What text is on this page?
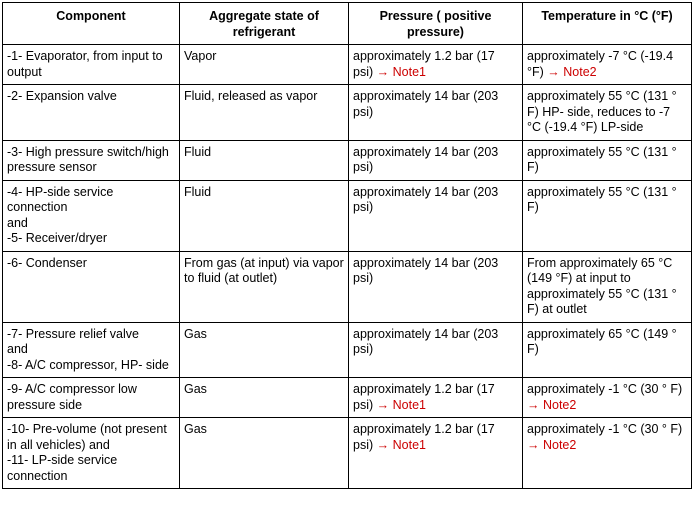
Component	Aggregate state of refrigerant	Pressure ( positive pressure)	Temperature in °C (°F)
-1- Evaporator, from input to output	Vapor	approximately 1.2 bar (17 psi) → Note1	approximately -7 °C (-19.4 °F) → Note2
-2- Expansion valve	Fluid, released as vapor	approximately 14 bar (203 psi)	approximately 55 °C (131 ° F) HP- side, reduces to -7 °C (-19.4 °F) LP-side
-3- High pressure switch/high pressure sensor	Fluid	approximately 14 bar (203 psi)	approximately 55 °C (131 ° F)

-4- HP-side service connection
and
-5- Receiver/dryer	Fluid	approximately 14 bar (203 psi)	approximately 55 °C (131 ° F)
-6- Condenser	From gas (at input) via vapor to fluid (at outlet)	approximately 14 bar (203 psi)	From approximately 65 °C (149 °F) at input to approximately 55 °C (131 ° F) at outlet

-7- Pressure relief valve
and
-8- A/C compressor, HP- side	Gas	approximately 14 bar (203 psi)	approximately 65 °C (149 ° F)
-9- A/C compressor low pressure side	Gas	approximately 1.2 bar (17 psi) → Note1	approximately -1 °C (30 ° F) → Note2

-10- Pre-volume (not present in all vehicles) and
-11- LP-side service connection	Gas	approximately 1.2 bar (17 psi) → Note1	approximately -1 °C (30 ° F) → Note2
